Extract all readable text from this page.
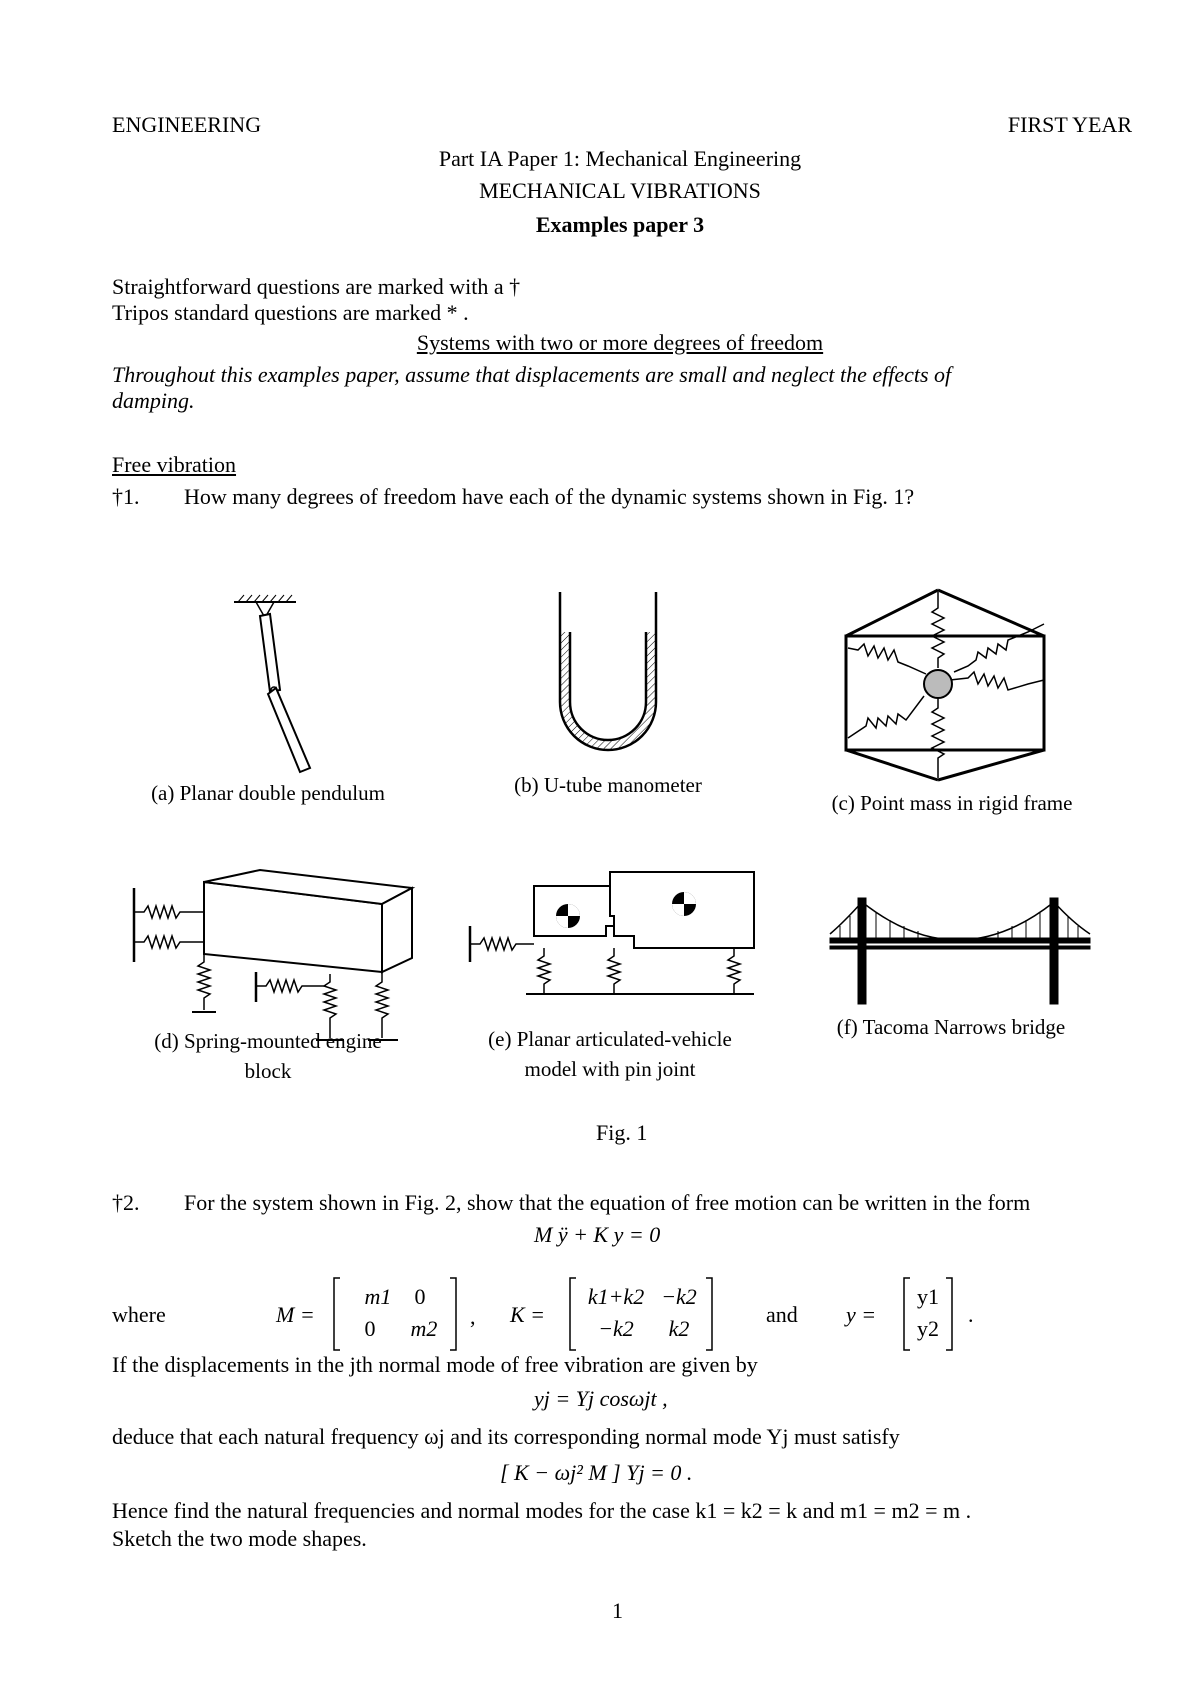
ENGINEERING	FIRST YEAR
Part IA Paper 1: Mechanical Engineering
MECHANICAL VIBRATIONS
Examples paper 3
Straightforward questions are marked with a †
Tripos standard questions are marked * .
Systems with two or more degrees of freedom
Throughout this examples paper, assume that displacements are small and neglect the effects of
damping.
Free vibration
†1. How many degrees of freedom have each of the dynamic systems shown in Fig. 1?
(a) Planar double pendulum	(b) U-tube manometer
(c) Point mass in rigid frame
(d) Spring-mounted engine
block
(e) Planar articulated-vehicle
model with pin joint
(f) Tacoma Narrows bridge
Fig. 1
†2. For the system shown in Fig. 2, show that the equation of free motion can be written in the form
M ÿ + K y = 0
where	M =
m1	0
0	m2	, K =
k1+k2 −k2
−k2	k2
and y =
y1
y2
.
If the displacements in the jth normal mode of free vibration are given by
yj = Yj cosωjt ,
deduce that each natural frequency ωj and its corresponding normal mode Yj must satisfy
[ K − ωj² M ] Yj = 0 .
Hence find the natural frequencies and normal modes for the case k1 = k2 = k and m1 = m2 = m .
Sketch the two mode shapes.
1
